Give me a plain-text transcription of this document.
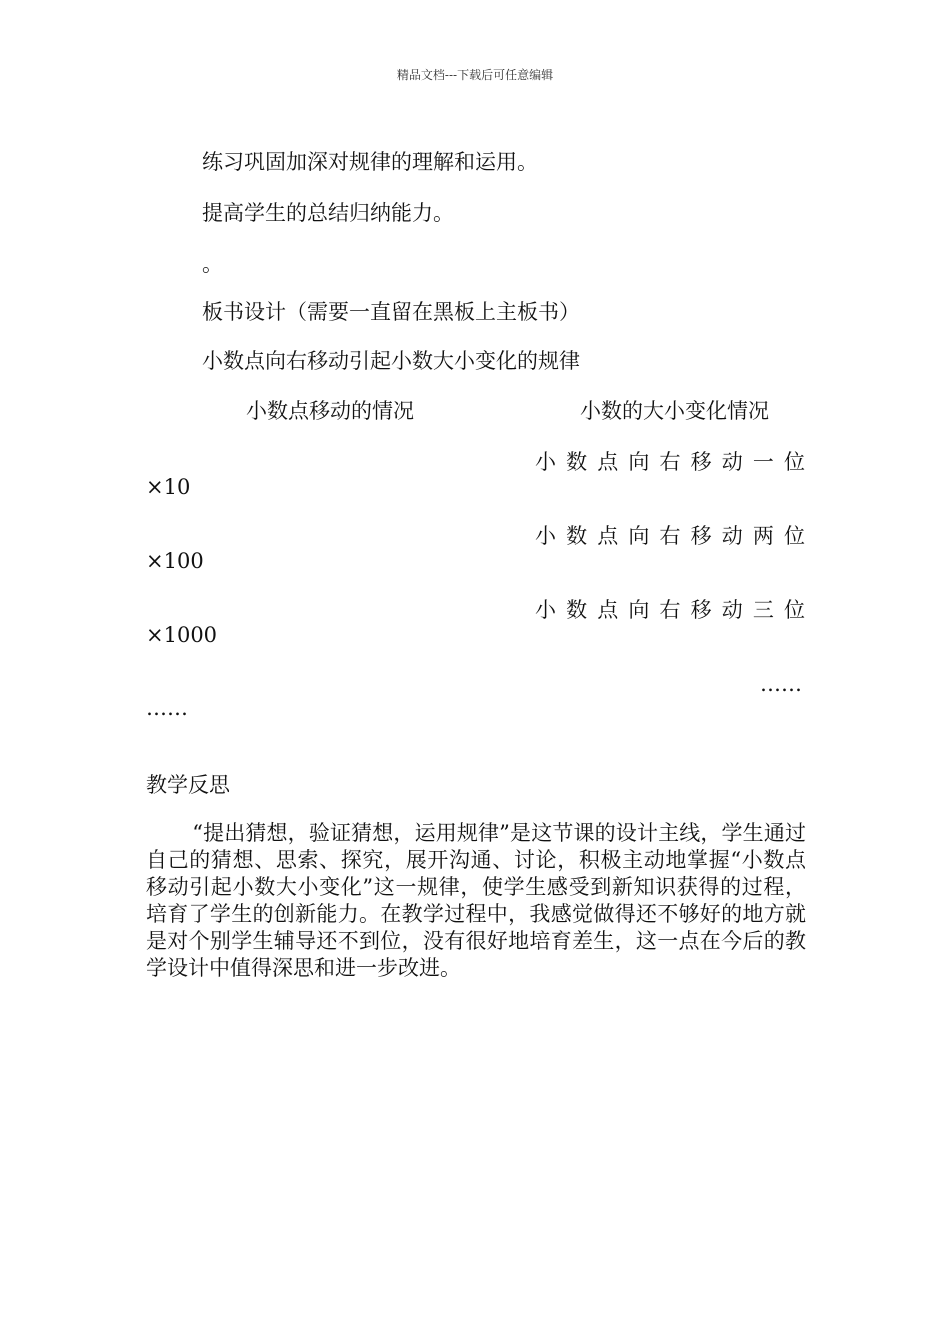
精品文档---下载后可任意编辑
练习巩固加深对规律的理解和运用。
提高学生的总结归纳能力。
。
板书设计（需要一直留在黑板上主板书）
小数点向右移动引起小数大小变化的规律
小数点移动的情况	小数的大小变化情况
小 数 点 向 右 移 动 一 位
×10
小 数 点 向 右 移 动 两 位
×100
小 数 点 向 右 移 动 三 位
×1000
……
……
教学反思
“提出猜想，验证猜想，运用规律”是这节课的设计主线，学生通过自己的猜想、思索、探究，展开沟通、讨论，积极主动地掌握“小数点移动引起小数大小变化”这一规律，使学生感受到新知识获得的过程，培育了学生的创新能力。在教学过程中，我感觉做得还不够好的地方就是对个别学生辅导还不到位，没有很好地培育差生，这一点在今后的教学设计中值得深思和进一步改进。
